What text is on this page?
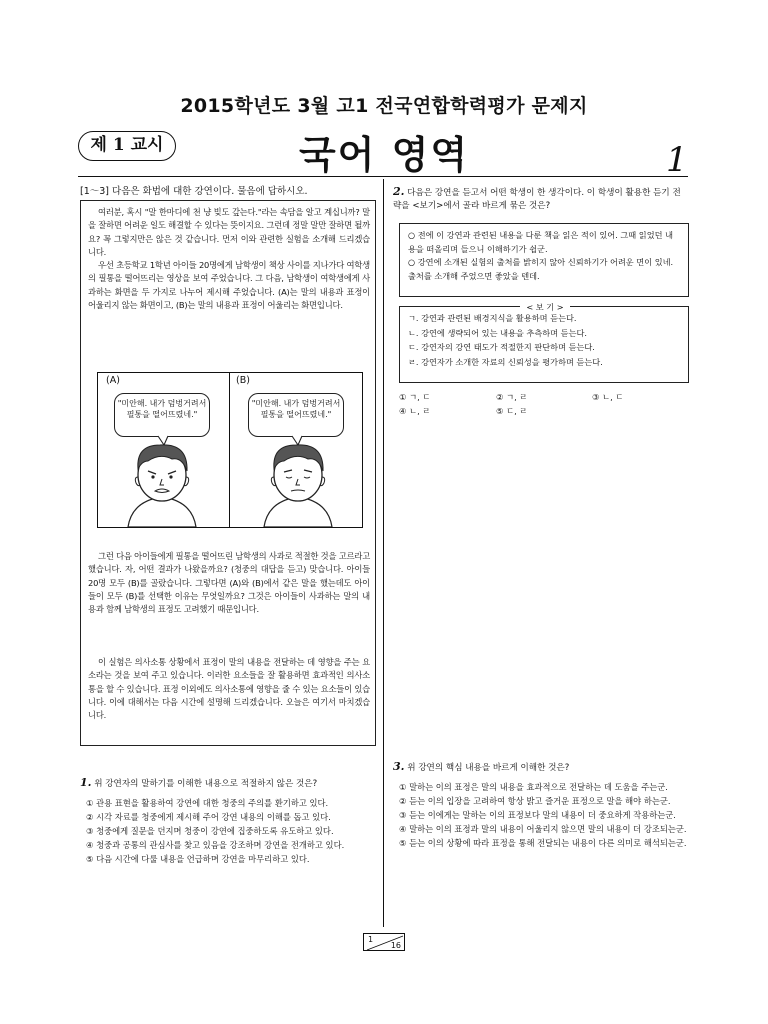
2015학년도 3월 고1 전국연합학력평가 문제지
제 1 교시	국어 영역	1
[1～3] 다음은 화법에 대한 강연이다. 물음에 답하시오.
여러분, 혹시 "말 한마디에 천 냥 빚도 갚는다."라는 속담을 알고 계십니까? 말을 잘하면 어려운 일도 해결할 수 있다는 뜻이지요. 그런데 정말 말만 잘하면 될까요? 꼭 그렇지만은 않은 것 같습니다. 먼저 이와 관련한 실험을 소개해 드리겠습니다.
우선 초등학교 1학년 아이들 20명에게 남학생이 책상 사이를 지나가다 여학생의 필통을 떨어뜨리는 영상을 보여 주었습니다. 그 다음, 남학생이 여학생에게 사과하는 화면을 두 가지로 나누어 제시해 주었습니다. (A)는 말의 내용과 표정이 어울리지 않는 화면이고, (B)는 말의 내용과 표정이 어울리는 화면입니다.
(A)	(B)
"미안해. 내가 덤벙거려서 필통을 떨어뜨렸네."
"미안해. 내가 덤벙거려서 필통을 떨어뜨렸네."
그런 다음 아이들에게 필통을 떨어뜨린 남학생의 사과로 적절한 것을 고르라고 했습니다. 자, 어떤 결과가 나왔을까요? (청중의 대답을 듣고) 맞습니다. 아이들 20명 모두 (B)를 골랐습니다. 그렇다면 (A)와 (B)에서 같은 말을 했는데도 아이들이 모두 (B)를 선택한 이유는 무엇일까요? 그것은 아이들이 사과하는 말의 내용과 함께 남학생의 표정도 고려했기 때문입니다.
이 실험은 의사소통 상황에서 표정이 말의 내용을 전달하는 데 영향을 주는 요소라는 것을 보여 주고 있습니다. 이러한 요소들을 잘 활용하면 효과적인 의사소통을 할 수 있습니다. 표정 이외에도 의사소통에 영향을 줄 수 있는 요소들이 있습니다. 이에 대해서는 다음 시간에 설명해 드리겠습니다. 오늘은 여기서 마치겠습니다.
1. 위 강연자의 말하기를 이해한 내용으로 적절하지 않은 것은?
① 관용 표현을 활용하여 강연에 대한 청중의 주의를 환기하고 있다.
② 시각 자료를 청중에게 제시해 주어 강연 내용의 이해를 돕고 있다.
③ 청중에게 질문을 던지며 청중이 강연에 집중하도록 유도하고 있다.
④ 청중과 공통의 관심사를 찾고 있음을 강조하며 강연을 전개하고 있다.
⑤ 다음 시간에 다룰 내용을 언급하며 강연을 마무리하고 있다.
2. 다음은 강연을 듣고서 어떤 학생이 한 생각이다. 이 학생이 활용한 듣기 전략을 <보기>에서 골라 바르게 묶은 것은?
○ 전에 이 강연과 관련된 내용을 다룬 책을 읽은 적이 있어. 그때 읽었던 내용을 떠올리며 들으니 이해하기가 쉽군.
○ 강연에 소개된 실험의 출처를 밝히지 않아 신뢰하기가 어려운 면이 있네. 출처를 소개해 주었으면 좋았을 텐데.
< 보 기 >
ㄱ. 강연과 관련된 배경지식을 활용하며 듣는다.
ㄴ. 강연에 생략되어 있는 내용을 추측하며 듣는다.
ㄷ. 강연자의 강연 태도가 적절한지 판단하며 듣는다.
ㄹ. 강연자가 소개한 자료의 신뢰성을 평가하며 듣는다.
① ㄱ, ㄷ
④ ㄴ, ㄹ
② ㄱ, ㄹ
⑤ ㄷ, ㄹ
③ ㄴ, ㄷ
3. 위 강연의 핵심 내용을 바르게 이해한 것은?
① 말하는 이의 표정은 말의 내용을 효과적으로 전달하는 데 도움을 주는군.
② 듣는 이의 입장을 고려하여 항상 밝고 즐거운 표정으로 말을 해야 하는군.
③ 듣는 이에게는 말하는 이의 표정보다 말의 내용이 더 중요하게 작용하는군.
④ 말하는 이의 표정과 말의 내용이 어울리지 않으면 말의 내용이 더 강조되는군.
⑤ 듣는 이의 상황에 따라 표정을 통해 전달되는 내용이 다른 의미로 해석되는군.
1
16
